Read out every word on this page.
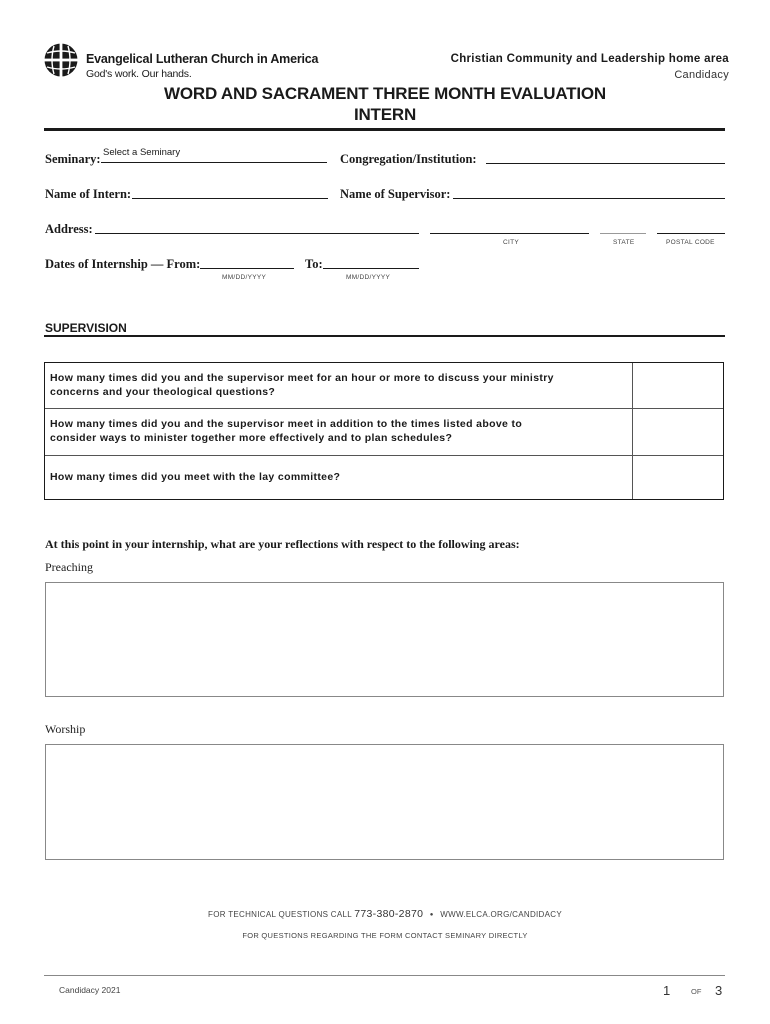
Evangelical Lutheran Church in America
God's work. Our hands.
Christian Community and Leadership home area
Candidacy
WORD AND SACRAMENT THREE MONTH EVALUATION
INTERN
Seminary: Select a Seminary	Congregation/Institution:
Name of Intern:	Name of Supervisor:
Address:
CITY	STATE	POSTAL CODE
Dates of Internship — From:	To:
MM/DD/YYYY	MM/DD/YYYY
SUPERVISION
How many times did you and the supervisor meet for an hour or more to discuss your ministry
concerns and your theological questions?
How many times did you and the supervisor meet in addition to the times listed above to
consider ways to minister together more effectively and to plan schedules?
How many times did you meet with the lay committee?
At this point in your internship, what are your reflections with respect to the following areas:
Preaching
Worship
FOR TECHNICAL QUESTIONS CALL 773-380-2870 ● WWW.ELCA.ORG/CANDIDACY
FOR QUESTIONS REGARDING THE FORM CONTACT SEMINARY DIRECTLY
Candidacy 2021	1	OF 3
